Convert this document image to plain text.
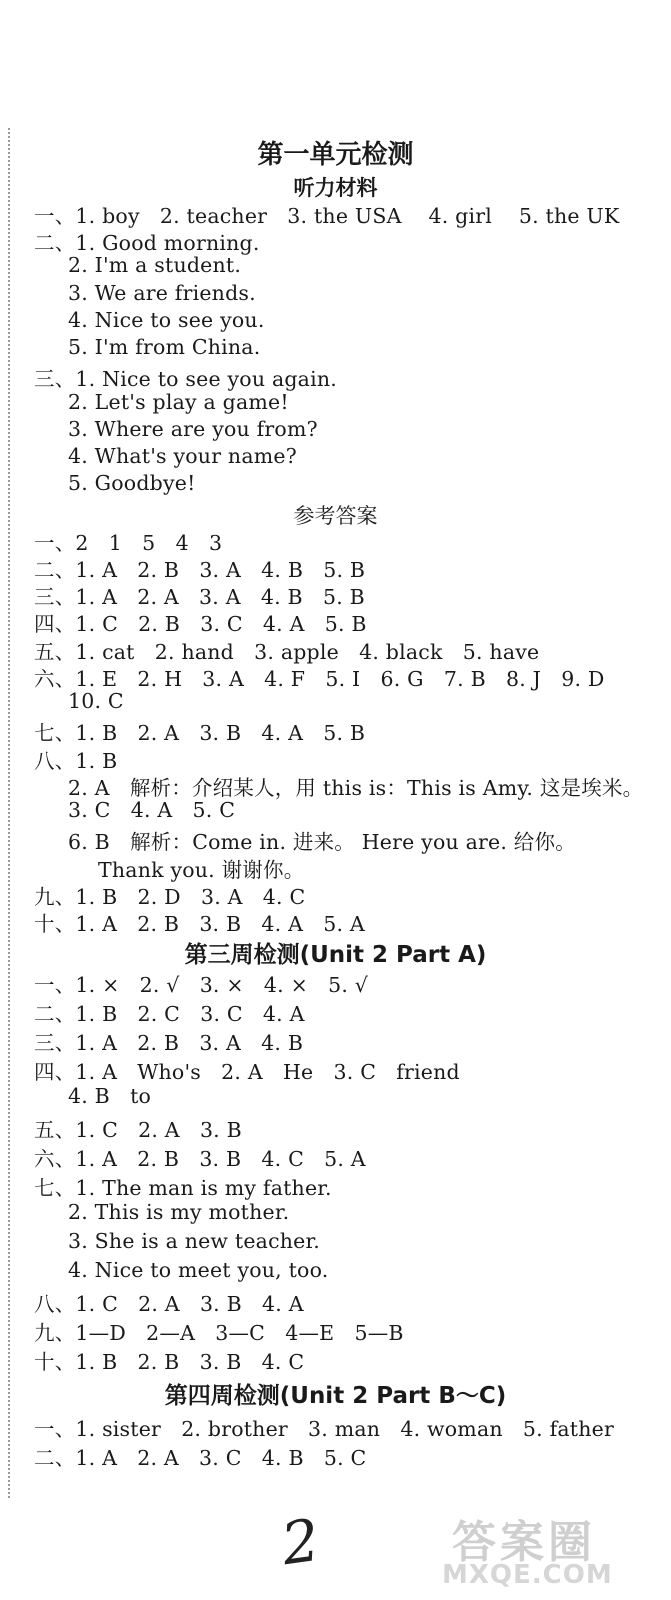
第一单元检测
听力材料
一、1. boy   2. teacher   3. the USA    4. girl    5. the UK
二、1. Good morning.
2. I'm a student.
3. We are friends.
4. Nice to see you.
5. I'm from China.
三、1. Nice to see you again.
2. Let's play a game!
3. Where are you from?
4. What's your name?
5. Goodbye!
参考答案
一、2   1   5   4   3
二、1. A   2. B   3. A   4. B   5. B
三、1. A   2. A   3. A   4. B   5. B
四、1. C   2. B   3. C   4. A   5. B
五、1. cat   2. hand   3. apple   4. black   5. have
六、1. E   2. H   3. A   4. F   5. I   6. G   7. B   8. J   9. D
10. C
七、1. B   2. A   3. B   4. A   5. B
八、1. B
2. A   解析：介绍某人，用 this is：This is Amy. 这是埃米。
3. C   4. A   5. C
6. B   解析：Come in. 进来。 Here you are. 给你。
Thank you. 谢谢你。
九、1. B   2. D   3. A   4. C
十、1. A   2. B   3. B   4. A   5. A
第三周检测(Unit 2 Part A)
一、1. ×   2. √   3. ×   4. ×   5. √
二、1. B   2. C   3. C   4. A
三、1. A   2. B   3. A   4. B
四、1. A   Who's   2. A   He   3. C   friend
4. B   to
五、1. C   2. A   3. B
六、1. A   2. B   3. B   4. C   5. A
七、1. The man is my father.
2. This is my mother.
3. She is a new teacher.
4. Nice to meet you, too.
八、1. C   2. A   3. B   4. A
九、1—D   2—A   3—C   4—E   5—B
十、1. B   2. B   3. B   4. C
第四周检测(Unit 2 Part B～C)
一、1. sister   2. brother   3. man   4. woman   5. father
二、1. A   2. A   3. C   4. B   5. C
2	答案圈
MXQE.COM
